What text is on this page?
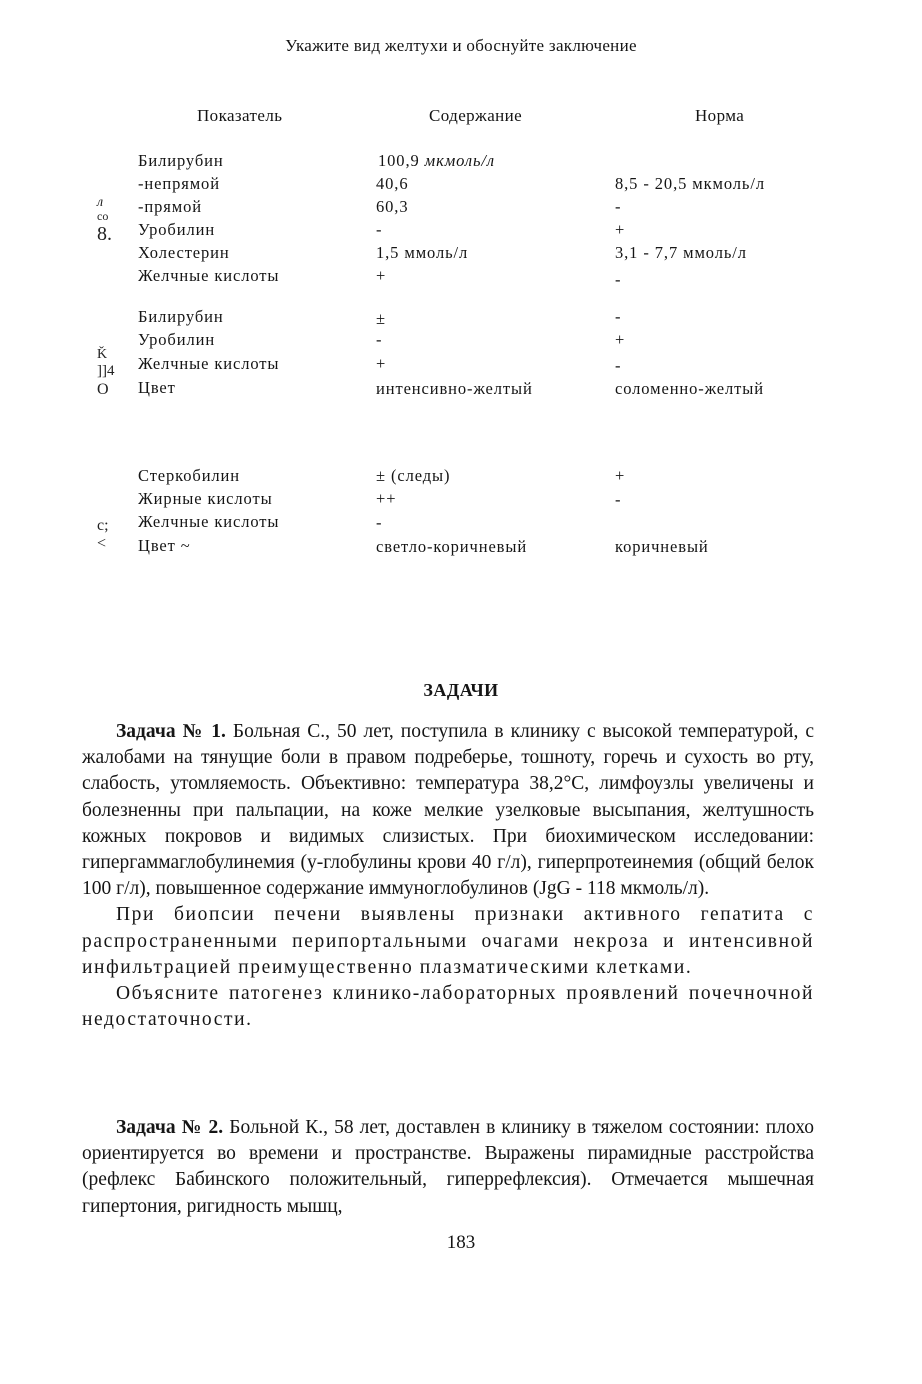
Укажите вид желтухи и обоснуйте заключение
Показатель	Содержание	Норма
л
со
8.
Ǩ
]]4
О
с;
<
Билирубин	100,9 мкмоль/л
-непрямой	40,6	8,5 - 20,5 мкмоль/л
-прямой	60,3	-
Уробилин	-	+
Холестерин	1,5 ммоль/л	3,1 - 7,7 ммоль/л
Желчные кислоты	+	-
Билирубин	±	-
Уробилин	-	+
Желчные кислоты	+	-
Цвет	интенсивно-желтый	соломенно-желтый
Стеркобилин	± (следы)	+
Жирные кислоты	++	-
Желчные кислоты	-
Цвет ~	светло-коричневый	коричневый
ЗАДАЧИ

Задача № 1. Больная С., 50 лет, поступила в клинику с высокой температурой, с жалобами на тянущие боли в правом подреберье, тошноту, горечь и сухость во рту, слабость, утомляемость. Объективно: температура 38,2°С, лимфоузлы увеличены и болезненны при пальпации, на коже мелкие узелковые высыпания, желтушность кожных покровов и видимых слизистых. При биохимическом исследовании: гипергаммаглобулинемия (у-глобулины крови 40 г/л), гиперпротеинемия (общий белок 100 г/л), повышенное содержание иммуноглобулинов (JgG - 118 мкмоль/л).

При биопсии печени выявлены признаки активного гепатита с распространенными перипортальными очагами некроза и интенсивной инфильтрацией преимущественно плазматическими клетками.

Объясните патогенез клинико-лабораторных проявлений почечночной недостаточности.

Задача № 2. Больной К., 58 лет, доставлен в клинику в тяжелом состоянии: плохо ориентируется во времени и пространстве. Выражены пирамидные расстройства (рефлекс Бабинского положительный, гиперрефлексия). Отмечается мышечная гипертония, ригидность мышц,

183
